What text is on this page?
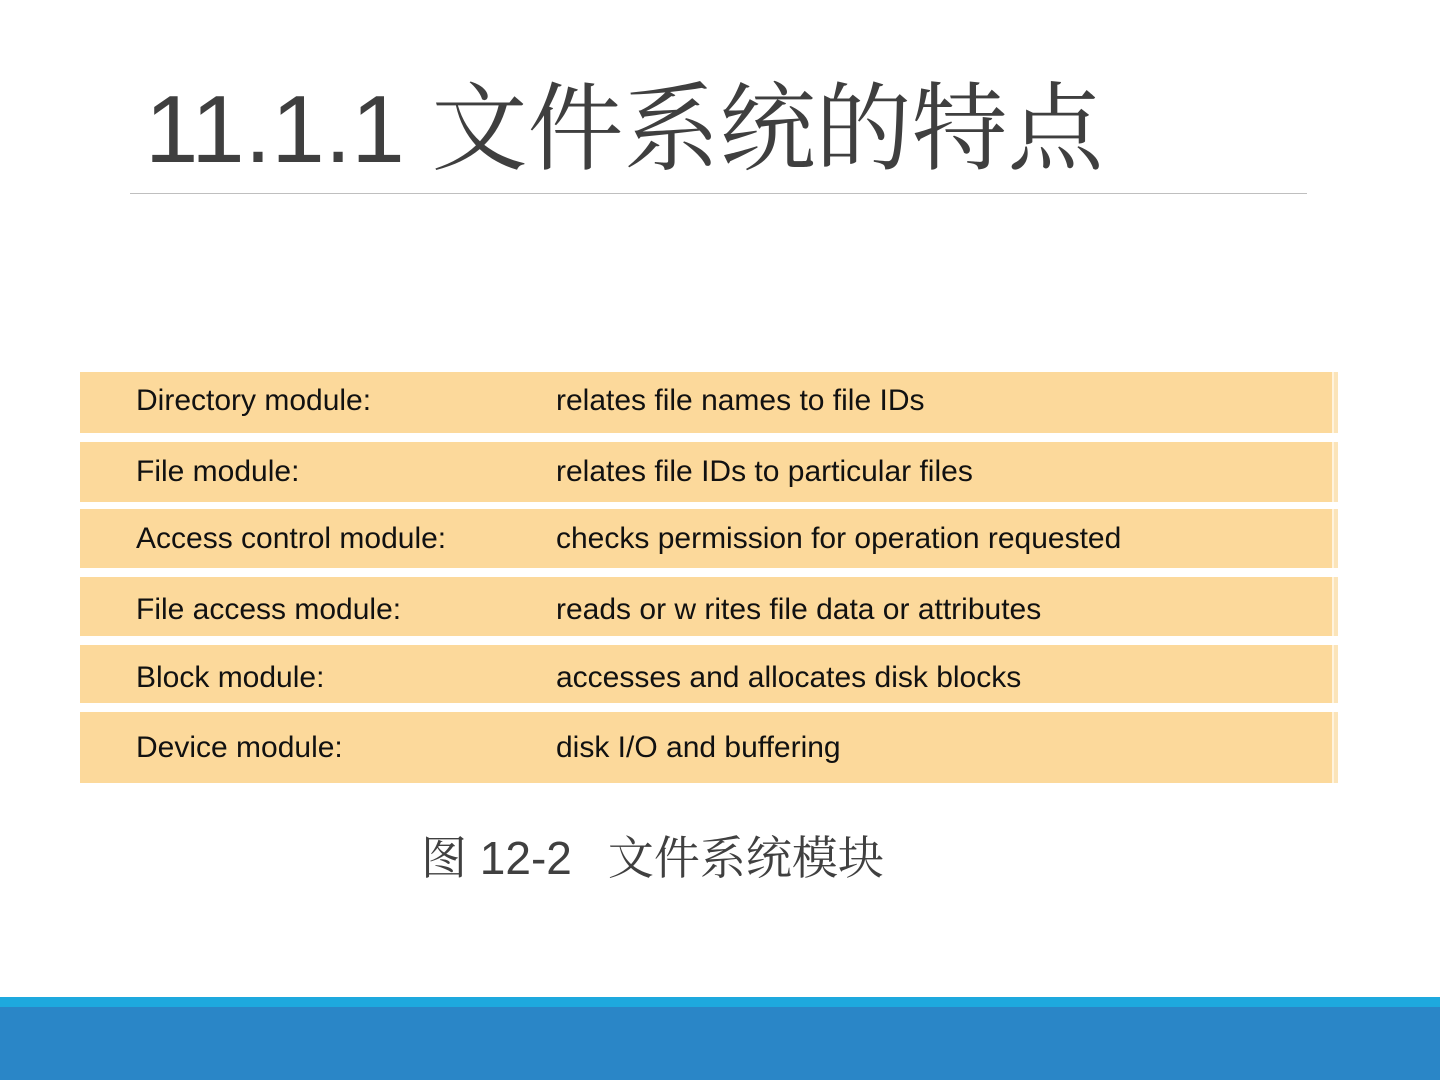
11.1.1 文件系统的特点
Directory module:	relates file names to file IDs
File module:	relates file IDs to particular files
Access control module:	checks permission for operation requested
File access module:	reads or w rites file data or attributes
Block module:	accesses and allocates disk blocks
Device module:	disk I/O and buffering
图 12-2 文件系统模块
